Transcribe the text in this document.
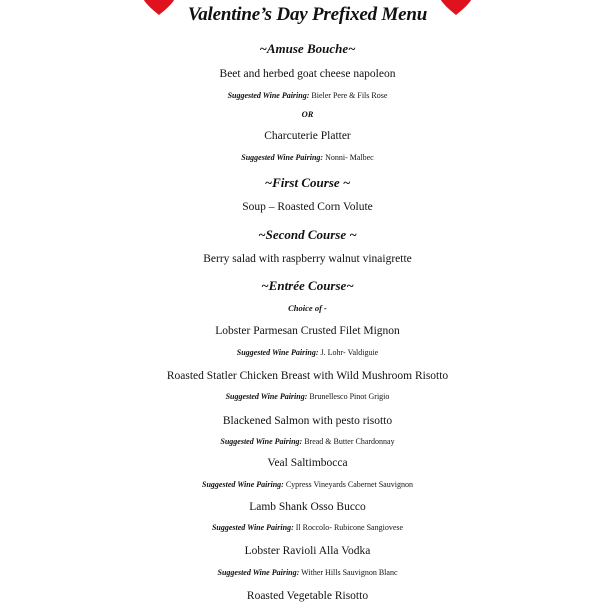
Valentine’s Day Prefixed Menu
~Amuse Bouche~
Beet and herbed goat cheese napoleon
Suggested Wine Pairing: Bieler Pere & Fils Rose
OR
Charcuterie Platter
Suggested Wine Pairing: Nonni- Malbec
~First Course ~
Soup – Roasted Corn Volute
~Second Course ~
Berry salad with raspberry walnut vinaigrette
~Entrée Course~
Choice of -
Lobster Parmesan Crusted Filet Mignon
Suggested Wine Pairing: J. Lohr- Valdiguie
Roasted Statler Chicken Breast with Wild Mushroom Risotto
Suggested Wine Pairing: Brunellesco Pinot Grigio
Blackened Salmon with pesto risotto
Suggested Wine Pairing: Bread & Butter Chardonnay
Veal Saltimbocca
Suggested Wine Pairing: Cypress Vineyards Cabernet Sauvignon
Lamb Shank Osso Bucco
Suggested Wine Pairing: Il Roccolo- Rubicone Sangiovese
Lobster Ravioli Alla Vodka
Suggested Wine Pairing: Wither Hills Sauvignon Blanc
Roasted Vegetable Risotto
